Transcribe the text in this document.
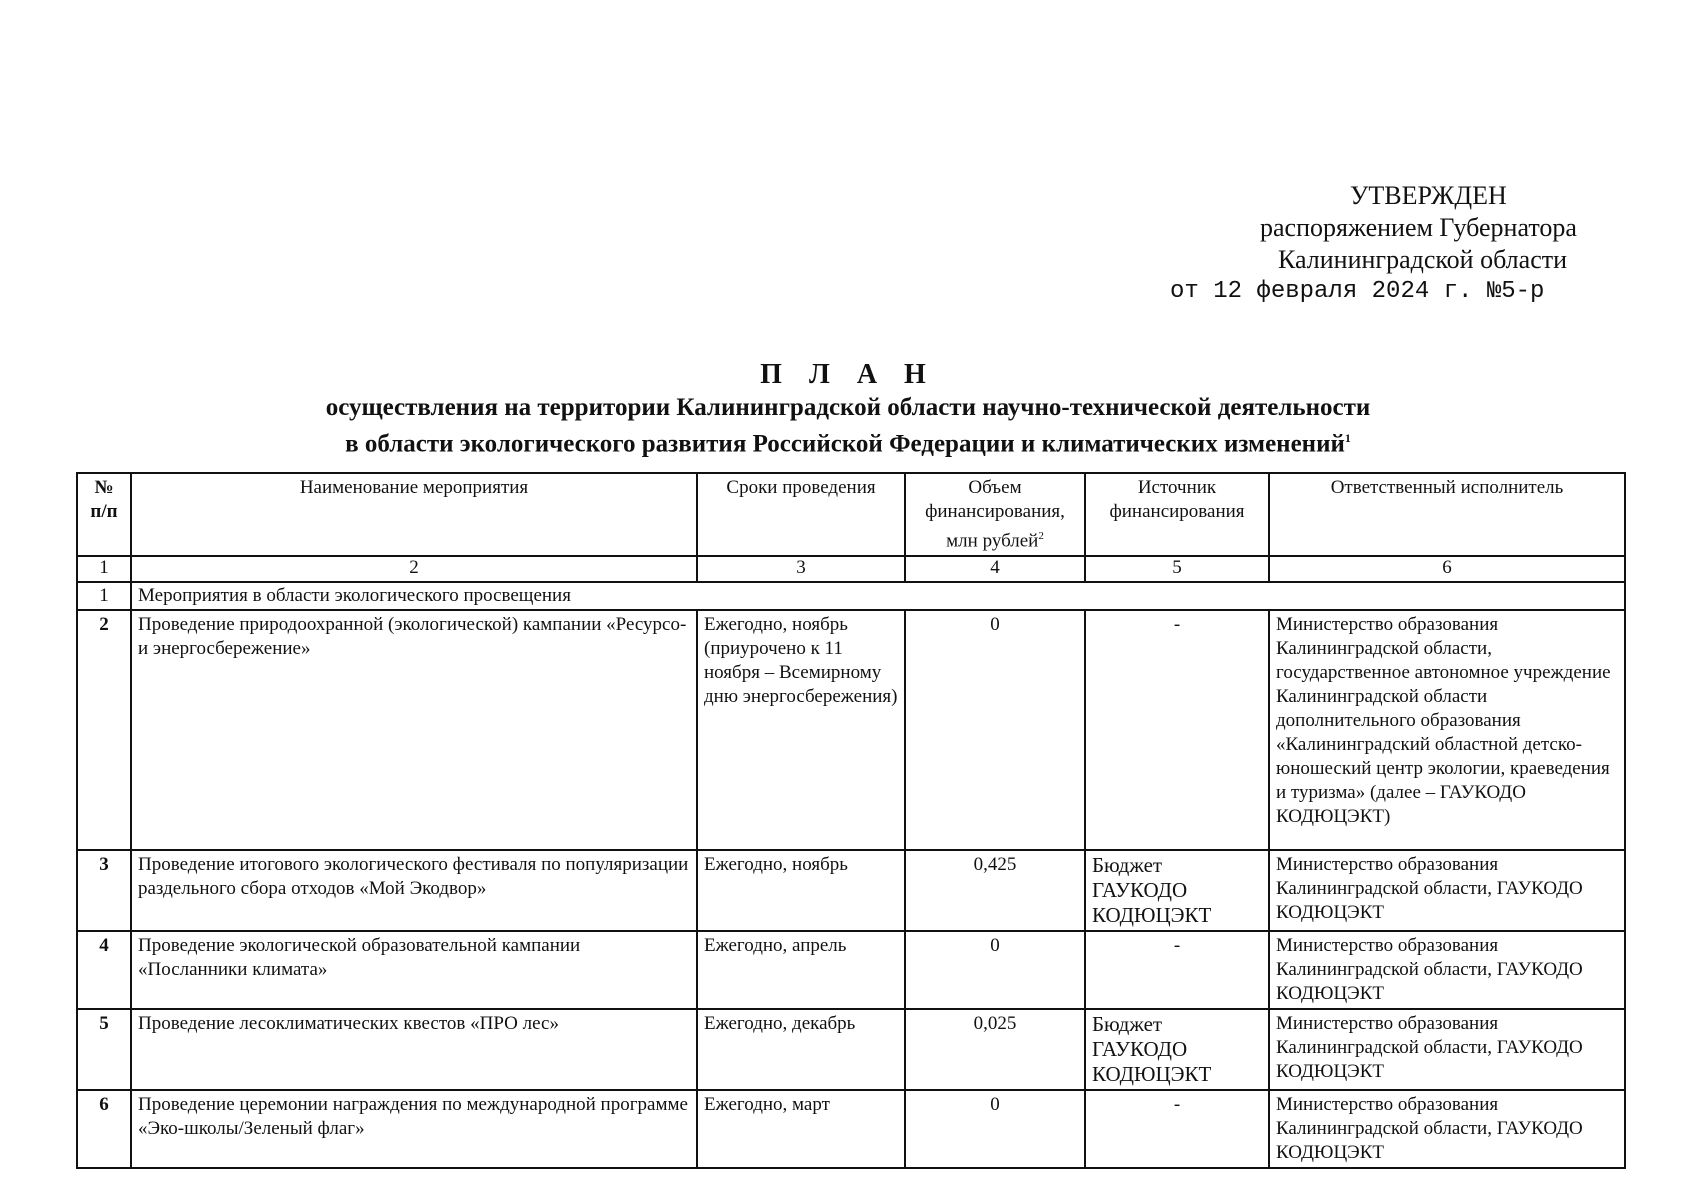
УТВЕРЖДЕН
распоряжением Губернатора
Калининградской области
от 12 февраля 2024 г. №5-р
П Л А Н
осуществления на территории Калининградской области научно-технической деятельности
в области экологического развития Российской Федерации и климатических изменений$^1$
№ п/п	Наименование мероприятия	Сроки проведения	Объем финансирования, млн рублей$^2$	Источник финансирования	Ответственный исполнитель
1	2	3	4	5	6
1	Мероприятия в области экологического просвещения				
2	Проведение природоохранной (экологической) кампании «Ресурсо- и энергосбережение»	Ежегодно, ноябрь (приурочено к 11 ноября – Всемирному дню энергосбережения)	0	-	Министерство образования Калининградской области, государственное автономное учреждение Калининградской области дополнительного образования «Калининградский областной детско-юношеский центр экологии, краеведения и туризма» (далее – ГАУКОДО КОДЮЦЭКТ)
3	Проведение итогового экологического фестиваля по популяризации раздельного сбора отходов «Мой Экодвор»	Ежегодно, ноябрь	0,425	Бюджет ГАУКОДО КОДЮЦЭКТ	Министерство образования Калининградской области, ГАУКОДО КОДЮЦЭКТ
4	Проведение экологической образовательной кампании «Посланники климата»	Ежегодно, апрель	0	-	Министерство образования Калининградской области, ГАУКОДО КОДЮЦЭКТ
5	Проведение лесоклиматических квестов «ПРО лес»	Ежегодно, декабрь	0,025	Бюджет ГАУКОДО КОДЮЦЭКТ	Министерство образования Калининградской области, ГАУКОДО КОДЮЦЭКТ
6	Проведение церемонии награждения по международной программе «Эко-школы/Зеленый флаг»	Ежегодно, март	0	-	Министерство образования Калининградской области, ГАУКОДО КОДЮЦЭКТ
